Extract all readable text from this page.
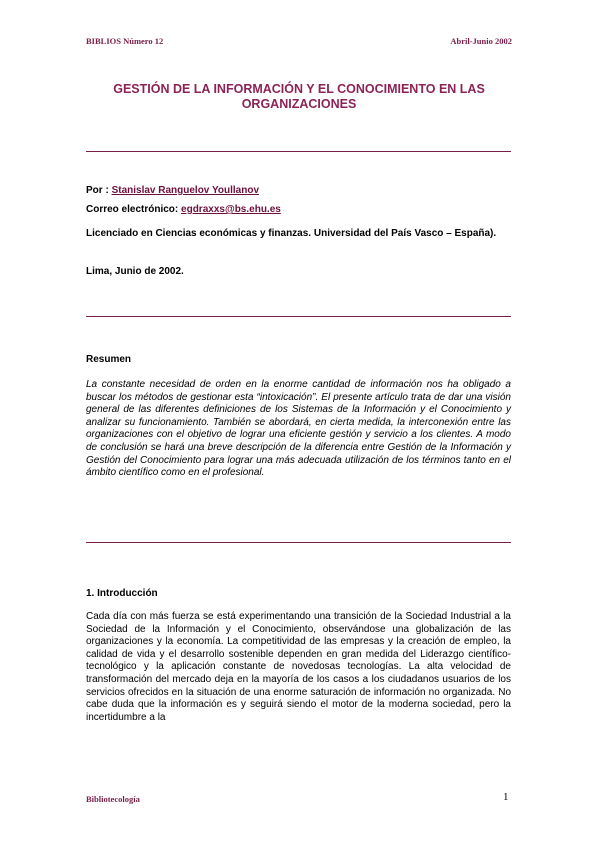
BIBLIOS Número 12	Abril-Junio 2002
GESTIÓN DE LA INFORMACIÓN Y EL CONOCIMIENTO EN LAS ORGANIZACIONES
Por : Stanislav Ranguelov Youllanov
Correo electrónico: egdraxxs@bs.ehu.es
Licenciado en Ciencias económicas y finanzas. Universidad del País Vasco – España).
Lima, Junio de 2002.
Resumen
La constante necesidad de orden en la enorme cantidad de información nos ha obligado a buscar los métodos de gestionar esta “intoxicación”. El presente artículo trata de dar una visión general de las diferentes definiciones de los Sistemas de la Información y el Conocimiento y analizar su funcionamiento. También se abordará, en cierta medida, la interconexión entre las organizaciones con el objetivo de lograr una eficiente gestión y servicio a los clientes. A modo de conclusión se hará una breve descripción de la diferencia entre Gestión de la Información y Gestión del Conocimiento para lograr una más adecuada utilización de los términos tanto en el ámbito científico como en el profesional.
1. Introducción
Cada día con más fuerza se está experimentando una transición de la Sociedad Industrial a la Sociedad de la Información y el Conocimiento, observándose una globalización de las organizaciones y la economía. La competitividad de las empresas y la creación de empleo, la calidad de vida y el desarrollo sostenible dependen en gran medida del Liderazgo científico-tecnológico y la aplicación constante de novedosas tecnologías. La alta velocidad de transformación del mercado deja en la mayoría de los casos a los ciudadanos usuarios de los servicios ofrecidos en la situación de una enorme saturación de información no organizada. No cabe duda que la información es y seguirá siendo el motor de la moderna sociedad, pero la incertidumbre a la
Bibliotecología	1
